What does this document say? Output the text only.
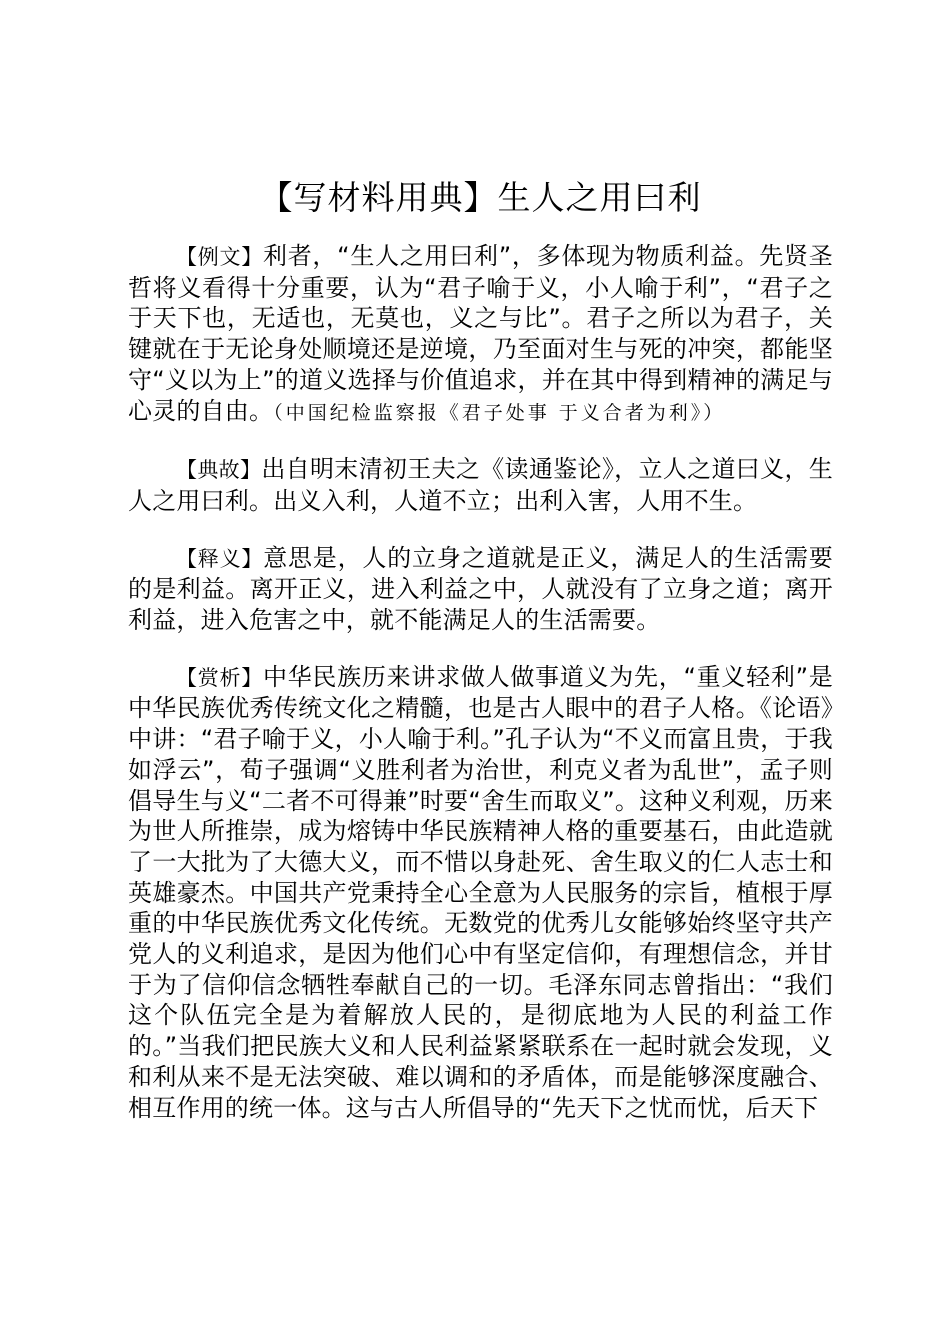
【写材料用典】生人之用曰利

【例文】利者，“生人之用曰利”，多体现为物质利益。先贤圣哲将义看得十分重要，认为“君子喻于义，小人喻于利”，“君子之于天下也，无适也，无莫也，义之与比”。君子之所以为君子，关键就在于无论身处顺境还是逆境，乃至面对生与死的冲突，都能坚守“义以为上”的道义选择与价值追求，并在其中得到精神的满足与心灵的自由。（中国纪检监察报《君子处事 于义合者为利》）

【典故】出自明末清初王夫之《读通鉴论》，立人之道曰义，生人之用曰利。出义入利，人道不立；出利入害，人用不生。

【释义】意思是，人的立身之道就是正义，满足人的生活需要的是利益。离开正义，进入利益之中，人就没有了立身之道；离开利益，进入危害之中，就不能满足人的生活需要。

【赏析】中华民族历来讲求做人做事道义为先，“重义轻利”是中华民族优秀传统文化之精髓，也是古人眼中的君子人格。《论语》中讲：“君子喻于义，小人喻于利。”孔子认为“不义而富且贵，于我如浮云”，荀子强调“义胜利者为治世，利克义者为乱世”，孟子则倡导生与义“二者不可得兼”时要“舍生而取义”。这种义利观，历来为世人所推崇，成为熔铸中华民族精神人格的重要基石，由此造就了一大批为了大德大义，而不惜以身赴死、舍生取义的仁人志士和英雄豪杰。中国共产党秉持全心全意为人民服务的宗旨，植根于厚重的中华民族优秀文化传统。无数党的优秀儿女能够始终坚守共产党人的义利追求，是因为他们心中有坚定信仰，有理想信念，并甘于为了信仰信念牺牲奉献自己的一切。毛泽东同志曾指出：“我们这个队伍完全是为着解放人民的，是彻底地为人民的利益工作的。”当我们把民族大义和人民利益紧紧联系在一起时就会发现，义和利从来不是无法突破、难以调和的矛盾体，而是能够深度融合、相互作用的统一体。这与古人所倡导的“先天下之忧而忧，后天下
